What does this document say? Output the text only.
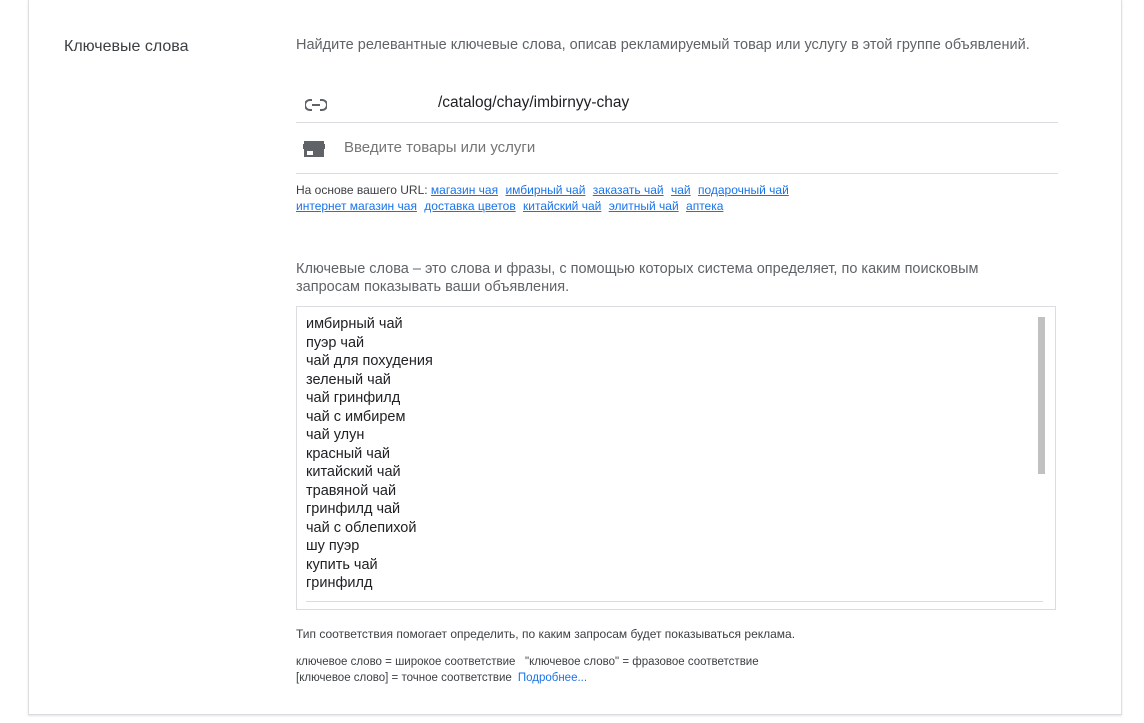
Ключевые слова	Найдите релевантные ключевые слова, описав рекламируемый товар или услугу в этой группе объявлений.
/catalog/chay/imbirnyy-chay
Введите товары или услуги
На основе вашего URL: магазин чая имбирный чай заказать чай чай подарочный чай
интернет магазин чая доставка цветов китайский чай элитный чай аптека
Ключевые слова – это слова и фразы, с помощью которых система определяет, по каким поисковым запросам показывать ваши объявления.
имбирный чай
пуэр чай
чай для похудения
зеленый чай
чай гринфилд
чай с имбирем
чай улун
красный чай
китайский чай
травяной чай
гринфилд чай
чай с облепихой
шу пуэр
купить чай
гринфилд
Тип соответствия помогает определить, по каким запросам будет показываться реклама.
ключевое слово = широкое соответствие   "ключевое слово" = фразовое соответствие
[ключевое слово] = точное соответствие Подробнее...
